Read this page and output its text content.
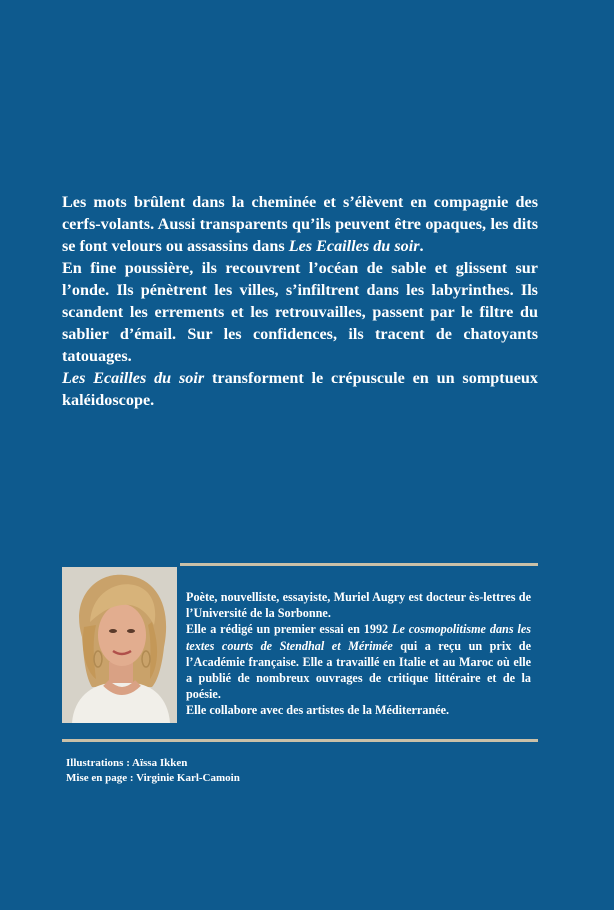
Les mots brûlent dans la cheminée et s’élèvent en compagnie des cerfs-volants. Aussi transparents qu’ils peuvent être opaques, les dits se font velours ou assassins dans Les Ecailles du soir.

En fine poussière, ils recouvrent l’océan de sable et glissent sur l’onde. Ils pénètrent les villes, s’infiltrent dans les labyrinthes. Ils scandent les errements et les retrouvailles, passent par le filtre du sablier d’émail. Sur les confidences, ils tracent de chatoyants tatouages.

Les Ecailles du soir transforment le crépuscule en un somptueux kaléidoscope.

Poète, nouvelliste, essayiste, Muriel Augry est docteur ès-lettres de l’Université de la Sorbonne.

Elle a rédigé un premier essai en 1992 Le cosmopolitisme dans les textes courts de Stendhal et Mérimée qui a reçu un prix de l’Académie française. Elle a travaillé en Italie et au Maroc où elle a publié de nombreux ouvrages de critique littéraire et de la poésie.

Elle collabore avec des artistes de la Méditerranée.

Illustrations : Aïssa Ikken
Mise en page : Virginie Karl-Camoin
